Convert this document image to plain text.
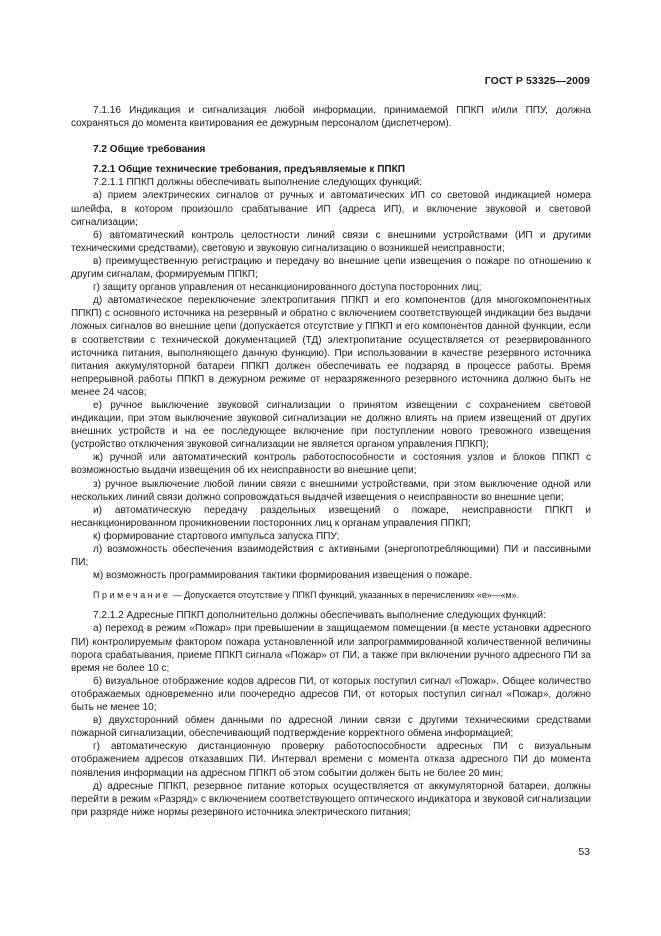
ГОСТ Р 53325—2009

7.1.16 Индикация и сигнализация любой информации, принимаемой ППКП и/или ППУ, должна сохраняться до момента квитирования ее дежурным персоналом (диспетчером).

7.2 Общие требования

7.2.1 Общие технические требования, предъявляемые к ППКП

7.2.1.1 ППКП должны обеспечивать выполнение следующих функций:

а) прием электрических сигналов от ручных и автоматических ИП со световой индикацией номера шлейфа, в котором произошло срабатывание ИП (адреса ИП), и включение звуковой и световой сигнализации;

б) автоматический контроль целостности линий связи с внешними устройствами (ИП и другими техническими средствами), световую и звуковую сигнализацию о возникшей неисправности;

в) преимущественную регистрацию и передачу во внешние цепи извещения о пожаре по отношению к другим сигналам, формируемым ППКП;

г) защиту органов управления от несанкционированного доступа посторонних лиц;

д) автоматическое переключение электропитания ППКП и его компонентов (для многокомпонентных ППКП) с основного источника на резервный и обратно с включением соответствующей индикации без выдачи ложных сигналов во внешние цепи (допускается отсутствие у ППКП и его компонентов данной функции, если в соответствии с технической документацией (ТД) электропитание осуществляется от резервированного источника питания, выполняющего данную функцию). При использовании в качестве резервного источника питания аккумуляторной батареи ППКП должен обеспечивать ее подзаряд в процессе работы. Время непрерывной работы ППКП в дежурном режиме от неразряженного резервного источника должно быть не менее 24 часов;

е) ручное выключение звуковой сигнализации о принятом извещении с сохранением световой индикации, при этом выключение звуковой сигнализации не должно влиять на прием извещений от других внешних устройств и на ее последующее включение при поступлении нового тревожного извещения (устройство отключения звуковой сигнализации не является органом управления ППКП);

ж) ручной или автоматический контроль работоспособности и состояния узлов и блоков ППКП с возможностью выдачи извещения об их неисправности во внешние цепи;

з) ручное выключение любой линии связи с внешними устройствами, при этом выключение одной или нескольких линий связи должно сопровождаться выдачей извещения о неисправности во внешние цепи;

и) автоматическую передачу раздельных извещений о пожаре, неисправности ППКП и несанкционированном проникновении посторонних лиц к органам управления ППКП;

к) формирование стартового импульса запуска ППУ;

л) возможность обеспечения взаимодействия с активными (энергопотребляющими) ПИ и пассивными ПИ;

м) возможность программирования тактики формирования извещения о пожаре.

Примечание — Допускается отсутствие у ППКП функций, указанных в перечислениях «е»—«м».

7.2.1.2 Адресные ППКП дополнительно должны обеспечивать выполнение следующих функций:

а) переход в режим «Пожар» при превышении в защищаемом помещении (в месте установки адресного ПИ) контролируемым фактором пожара установленной или запрограммированной количественной величины порога срабатывания, приеме ППКП сигнала «Пожар» от ПИ, а также при включении ручного адресного ПИ за время не более 10 с;

б) визуальное отображение кодов адресов ПИ, от которых поступил сигнал «Пожар». Общее количество отображаемых одновременно или поочередно адресов ПИ, от которых поступил сигнал «Пожар», должно быть не менее 10;

в) двухсторонний обмен данными по адресной линии связи с другими техническими средствами пожарной сигнализации, обеспечивающий подтверждение корректного обмена информацией;

г) автоматическую дистанционную проверку работоспособности адресных ПИ с визуальным отображением адресов отказавших ПИ. Интервал времени с момента отказа адресного ПИ до момента появления информации на адресном ППКП об этом событии должен быть не более 20 мин;

д) адресные ППКП, резервное питание которых осуществляется от аккумуляторной батареи, должны перейти в режим «Разряд» с включением соответствующего оптического индикатора и звуковой сигнализации при разряде ниже нормы резервного источника электрического питания;

53
